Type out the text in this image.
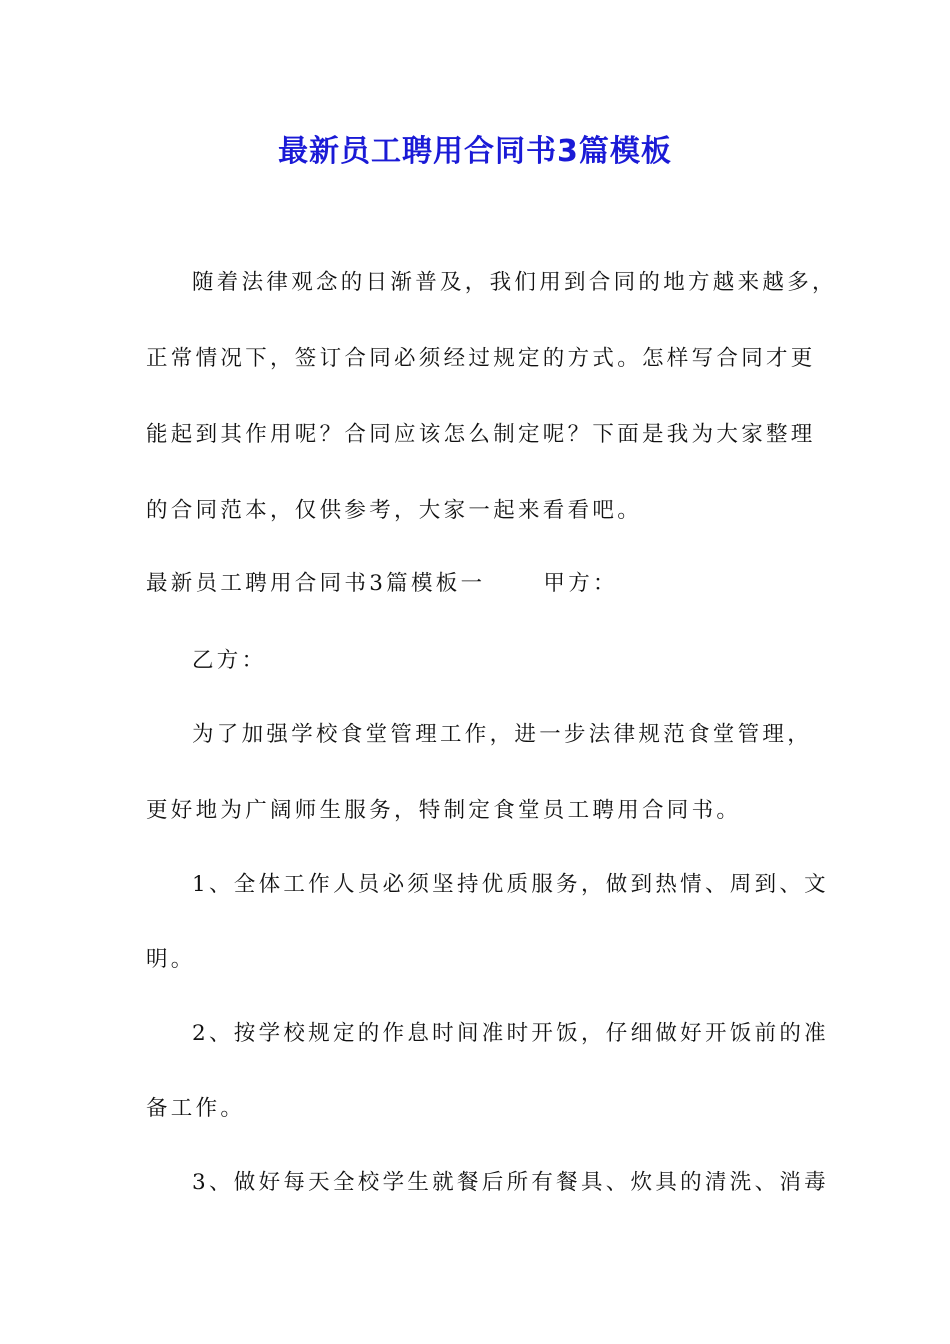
最新员工聘用合同书3篇模板
随着法律观念的日渐普及，我们用到合同的地方越来越多，
正常情况下，签订合同必须经过规定的方式。怎样写合同才更
能起到其作用呢？合同应该怎么制定呢？下面是我为大家整理
的合同范本，仅供参考，大家一起来看看吧。
最新员工聘用合同书3篇模板一	甲方：
乙方：
为了加强学校食堂管理工作，进一步法律规范食堂管理，
更好地为广阔师生服务，特制定食堂员工聘用合同书。
1、全体工作人员必须坚持优质服务，做到热情、周到、文
明。
2、按学校规定的作息时间准时开饭，仔细做好开饭前的准
备工作。
3、做好每天全校学生就餐后所有餐具、炊具的清洗、消毒
